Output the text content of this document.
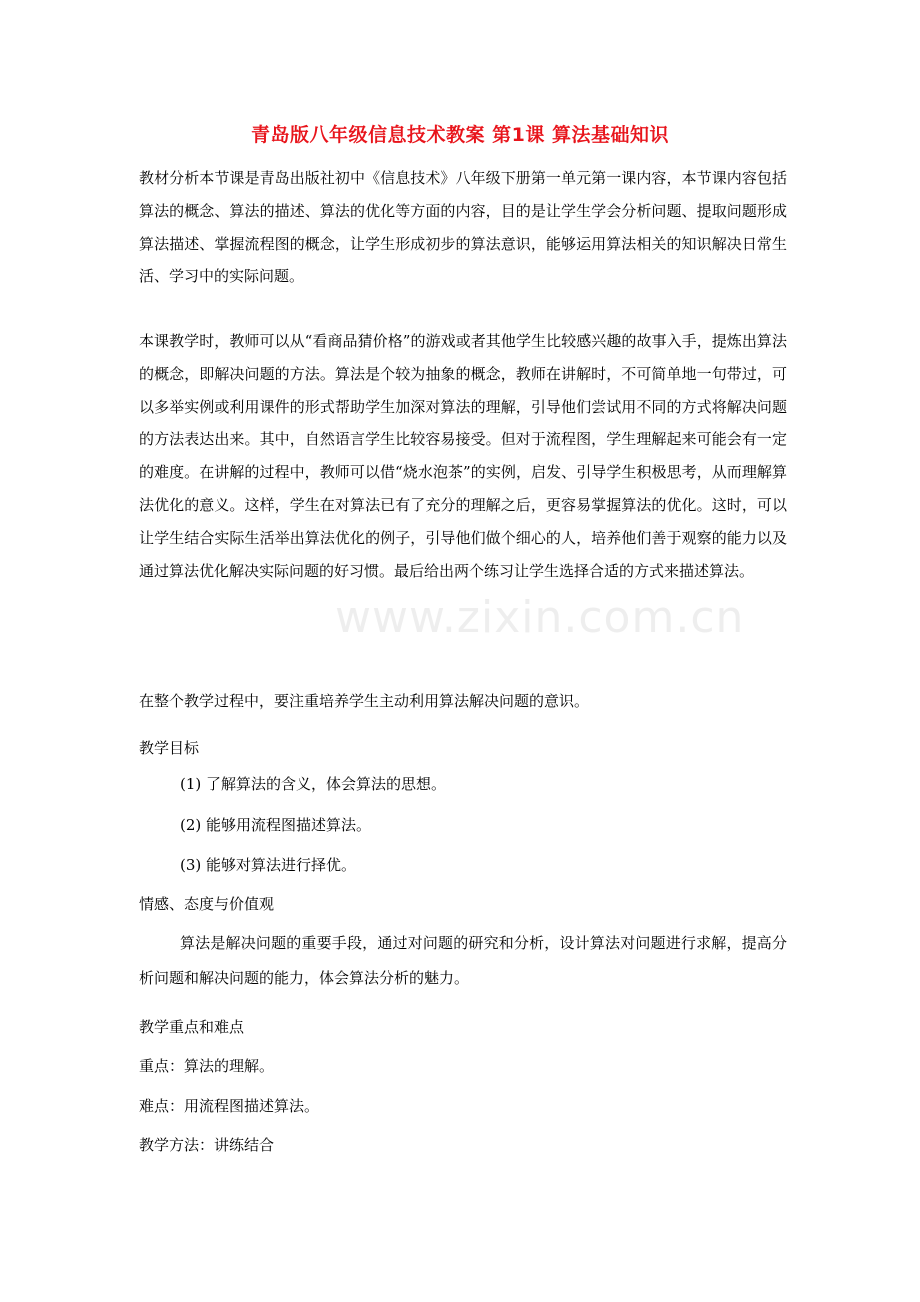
青岛版八年级信息技术教案 第1课 算法基础知识
教材分析本节课是青岛出版社初中《信息技术》八年级下册第一单元第一课内容，本节课内容包括算法的概念、算法的描述、算法的优化等方面的内容，目的是让学生学会分析问题、提取问题形成算法描述、掌握流程图的概念，让学生形成初步的算法意识，能够运用算法相关的知识解决日常生活、学习中的实际问题。
本课教学时，教师可以从“看商品猜价格”的游戏或者其他学生比较感兴趣的故事入手，提炼出算法的概念，即解决问题的方法。算法是个较为抽象的概念，教师在讲解时，不可简单地一句带过，可以多举实例或利用课件的形式帮助学生加深对算法的理解，引导他们尝试用不同的方式将解决问题的方法表达出来。其中，自然语言学生比较容易接受。但对于流程图，学生理解起来可能会有一定的难度。在讲解的过程中，教师可以借“烧水泡茶”的实例，启发、引导学生积极思考，从而理解算法优化的意义。这样，学生在对算法已有了充分的理解之后，更容易掌握算法的优化。这时，可以让学生结合实际生活举出算法优化的例子，引导他们做个细心的人，培养他们善于观察的能力以及通过算法优化解决实际问题的好习惯。最后给出两个练习让学生选择合适的方式来描述算法。
在整个教学过程中，要注重培养学生主动利用算法解决问题的意识。
教学目标
(1) 了解算法的含义，体会算法的思想。
(2) 能够用流程图描述算法。
(3) 能够对算法进行择优。
情感、态度与价值观
算法是解决问题的重要手段，通过对问题的研究和分析，设计算法对问题进行求解，提高分析问题和解决问题的能力，体会算法分析的魅力。
教学重点和难点
重点：算法的理解。
难点：用流程图描述算法。
教学方法：讲练结合
www.zixin.com.cn
